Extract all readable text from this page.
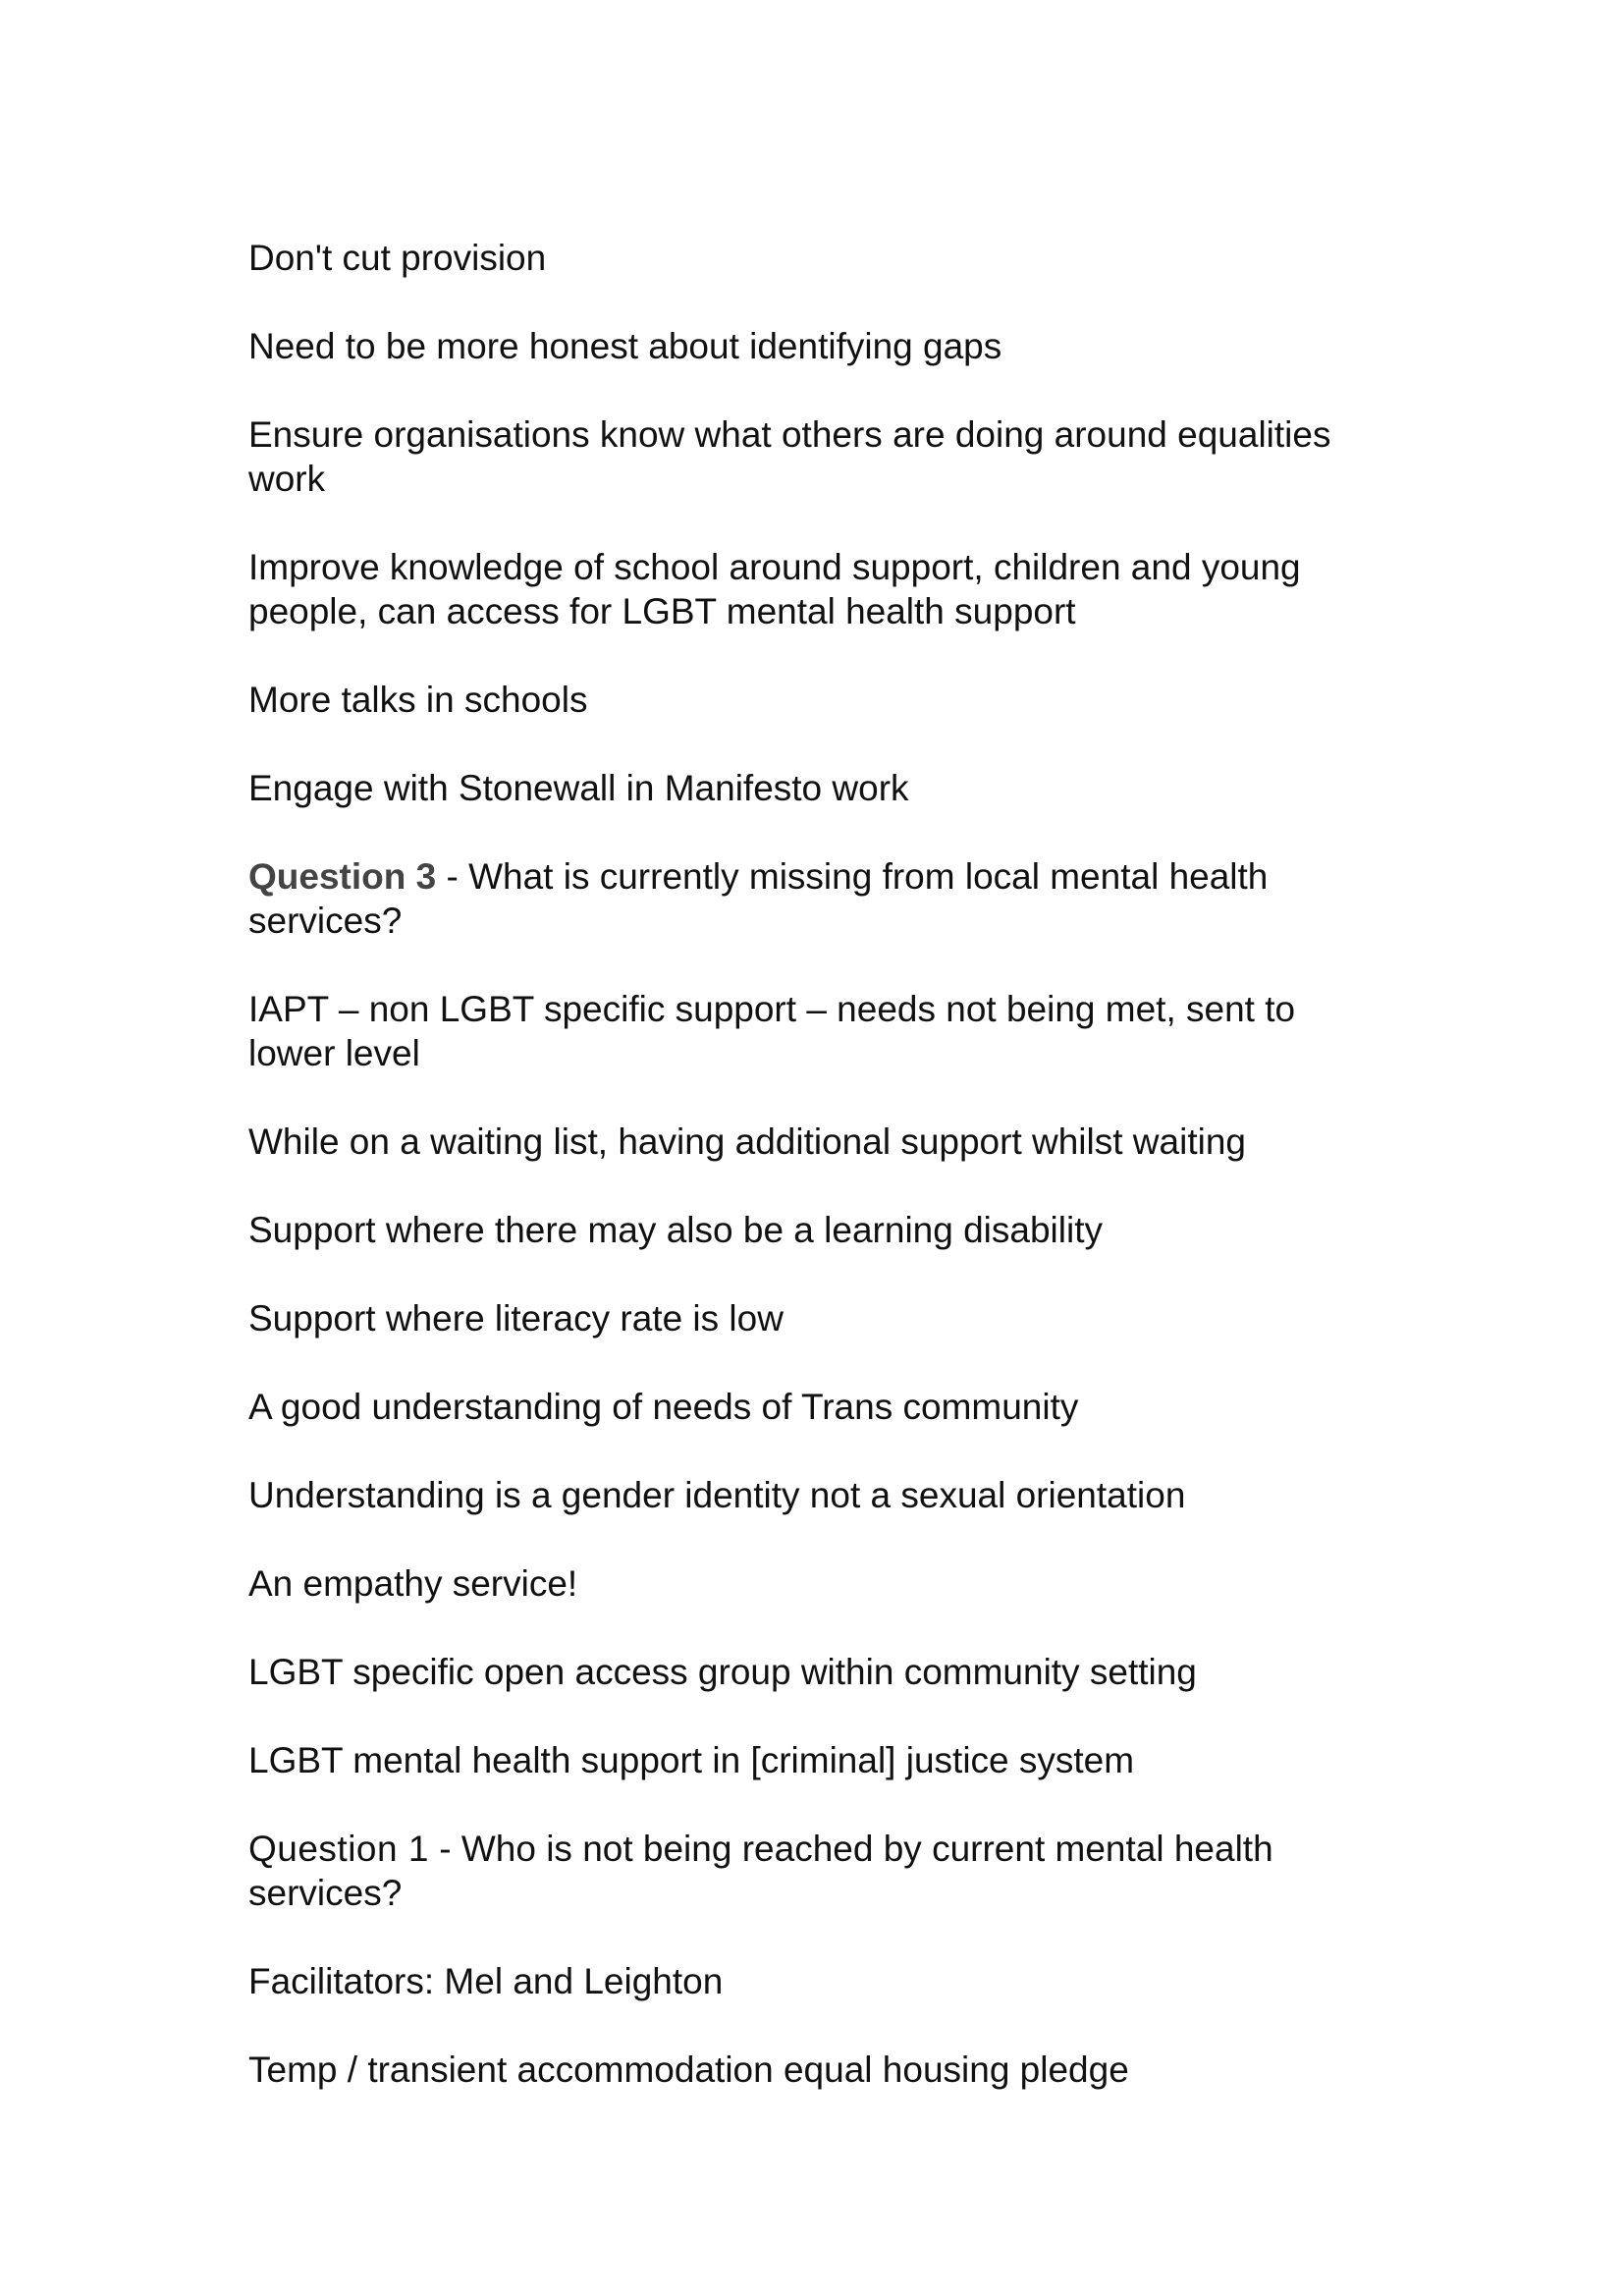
Don't cut provision

Need to be more honest about identifying gaps

Ensure organisations know what others are doing around equalities work

Improve knowledge of school around support, children and young people, can access for LGBT mental health support

More talks in schools

Engage with Stonewall in Manifesto work

Question 3 - What is currently missing from local mental health services?

IAPT – non LGBT specific support – needs not being met, sent to lower level

While on a waiting list, having additional support whilst waiting

Support where there may also be a learning disability

Support where literacy rate is low

A good understanding of needs of Trans community

Understanding is a gender identity not a sexual orientation

An empathy service!

LGBT specific open access group within community setting

LGBT mental health support in [criminal] justice system

Question 1 - Who is not being reached by current mental health services?

Facilitators: Mel and Leighton

Temp / transient accommodation equal housing pledge
